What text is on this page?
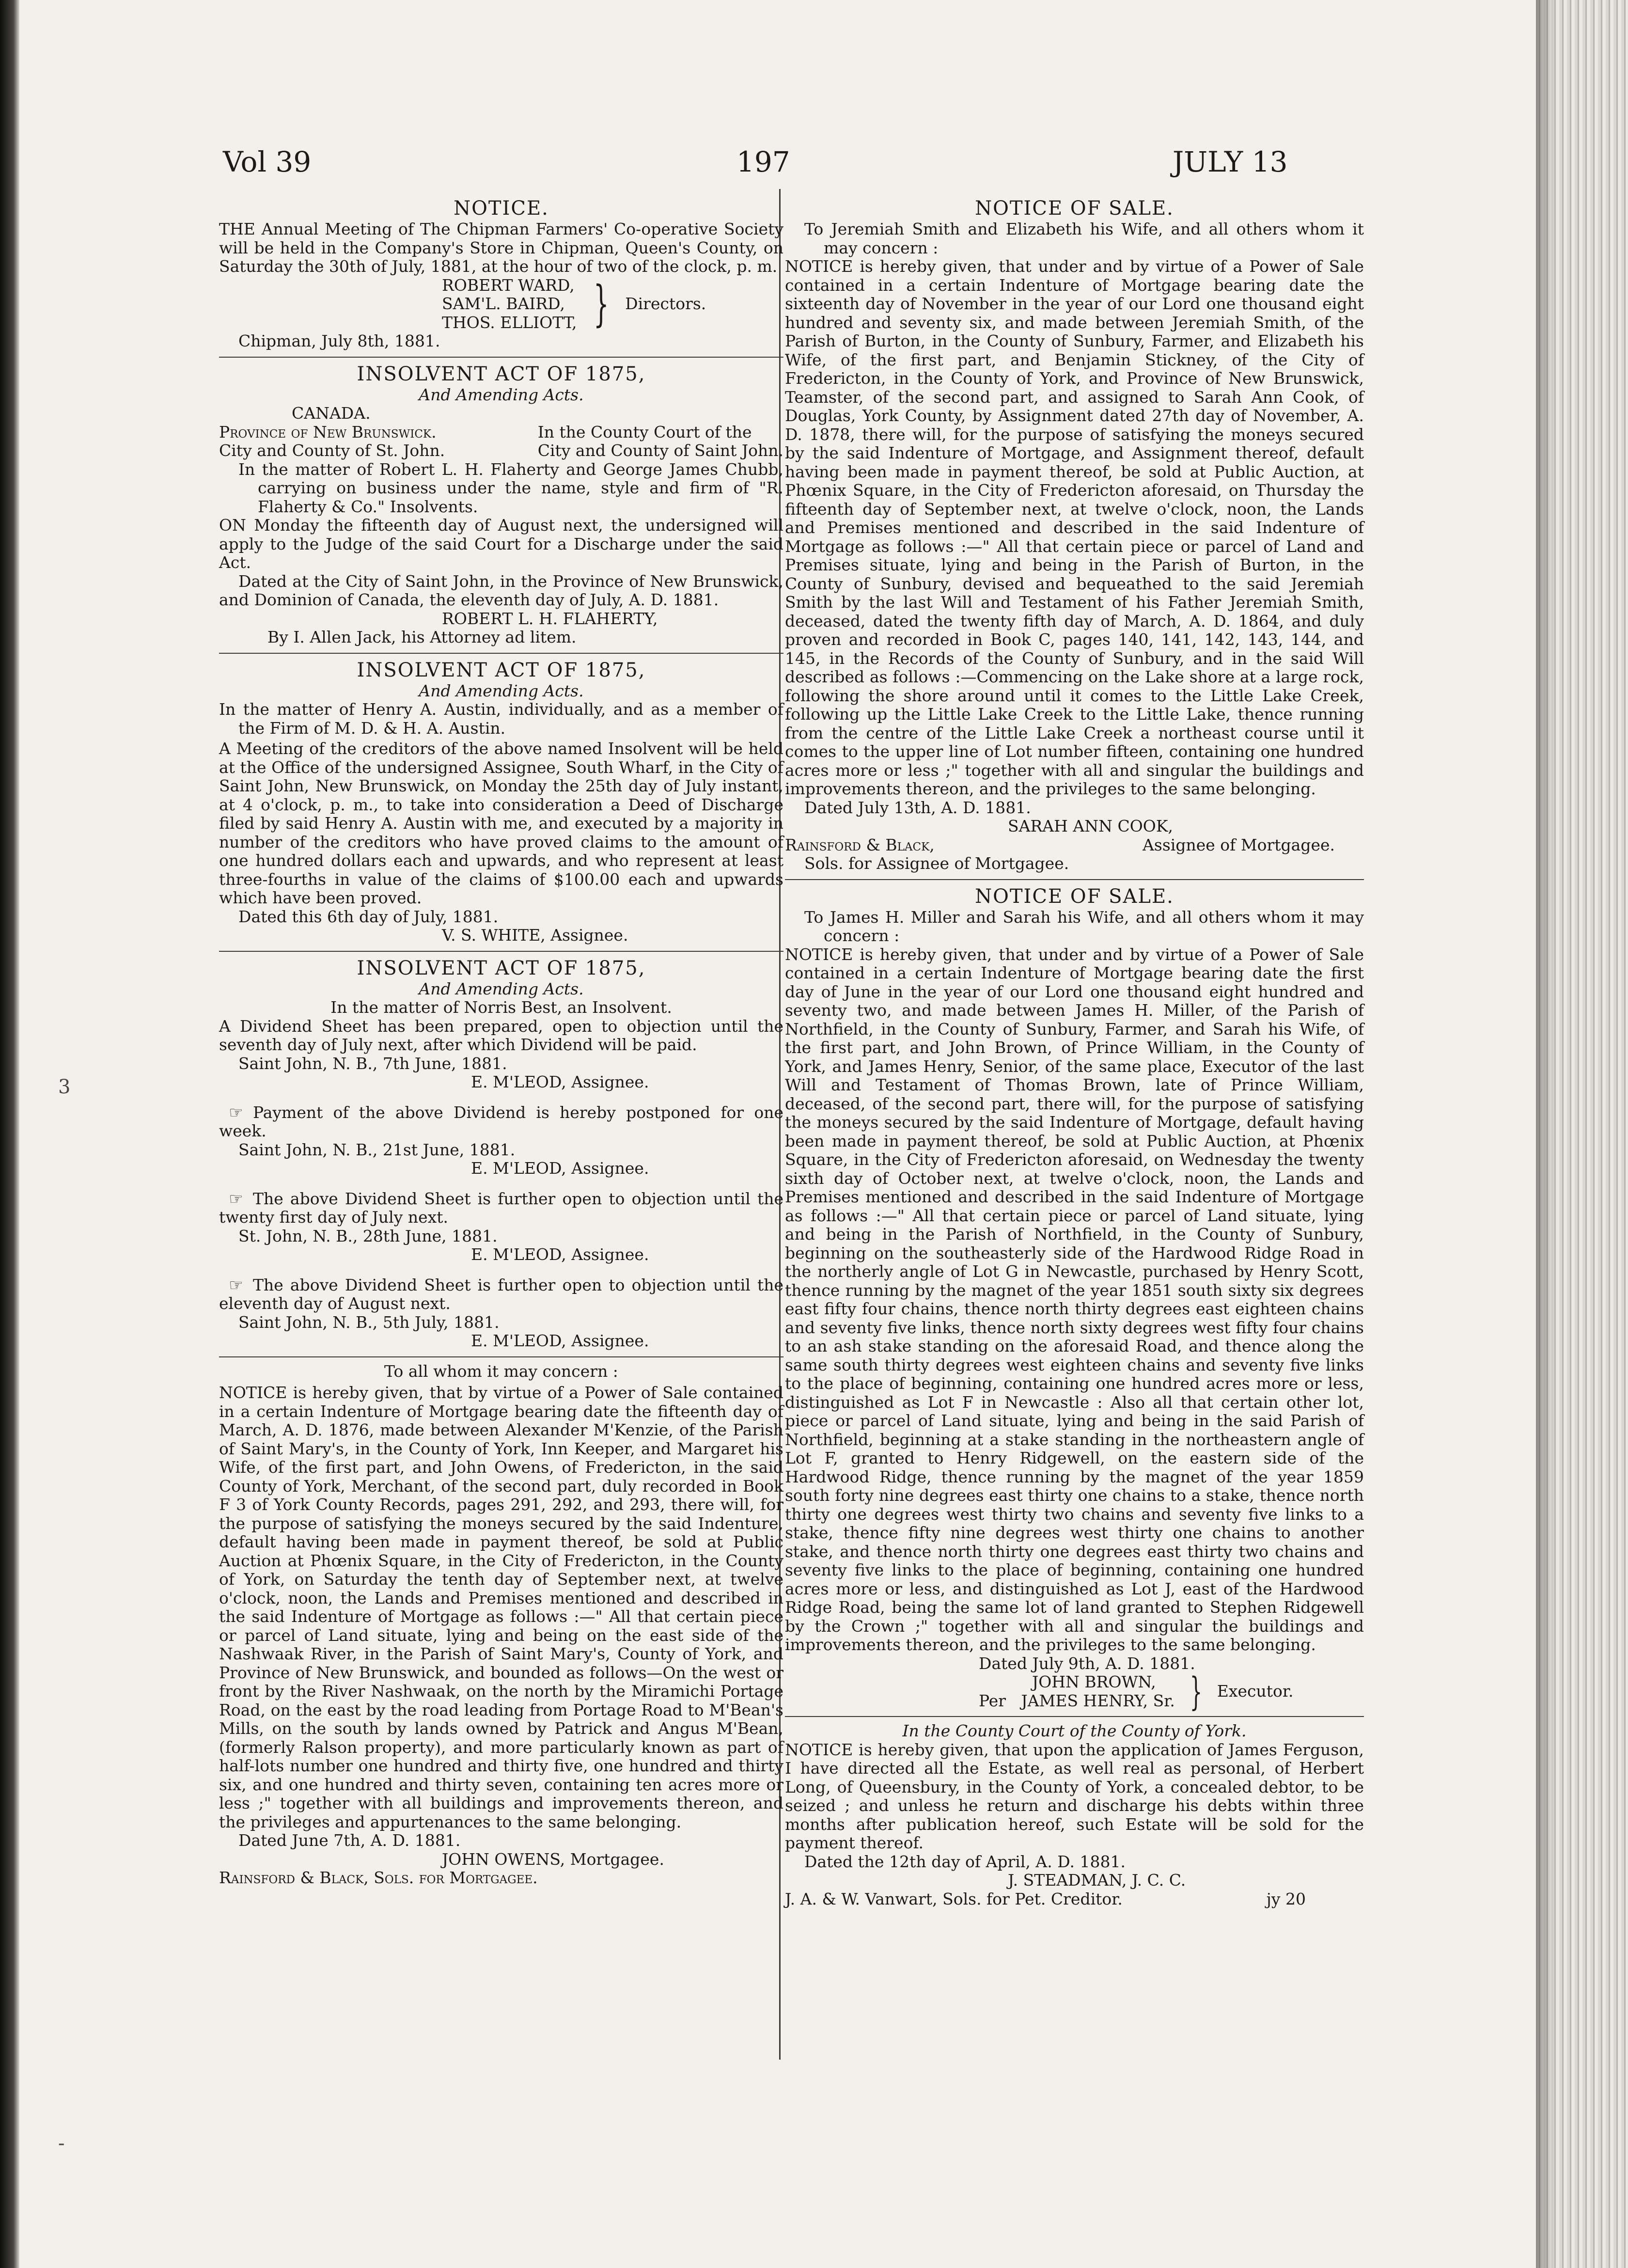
Vol 39	197	JULY 13
3
-
NOTICE.

THE Annual Meeting of The Chipman Farmers' Co-operative Society will be held in the Company's Store in Chipman, Queen's County, on Saturday the 30th of July, 1881, at the hour of two of the clock, p. m.

ROBERT WARD,
SAM'L. BAIRD,
THOS. ELLIOTT, } Directors.

Chipman, July 8th, 1881.

INSOLVENT ACT OF 1875,
And Amending Acts.
CANADA.
Province of New Brunswick.
City and County of St. John.
In the County Court of the
City and County of Saint John.

In the matter of Robert L. H. Flaherty and George James Chubb, carrying on business under the name, style and firm of "R. Flaherty & Co." Insolvents.

ON Monday the fifteenth day of August next, the undersigned will apply to the Judge of the said Court for a Discharge under the said Act.

Dated at the City of Saint John, in the Province of New Brunswick, and Dominion of Canada, the eleventh day of July, A. D. 1881.

ROBERT L. H. FLAHERTY,
By I. Allen Jack, his Attorney ad litem.
INSOLVENT ACT OF 1875,
And Amending Acts.

In the matter of Henry A. Austin, individually, and as a member of the Firm of M. D. & H. A. Austin.

A Meeting of the creditors of the above named Insolvent will be held at the Office of the undersigned Assignee, South Wharf, in the City of Saint John, New Brunswick, on Monday the 25th day of July instant, at 4 o'clock, p. m., to take into consideration a Deed of Discharge filed by said Henry A. Austin with me, and executed by a majority in number of the creditors who have proved claims to the amount of one hundred dollars each and upwards, and who represent at least three-fourths in value of the claims of $100.00 each and upwards which have been proved.

Dated this 6th day of July, 1881.

V. S. WHITE, Assignee.
INSOLVENT ACT OF 1875,
And Amending Acts.
In the matter of Norris Best, an Insolvent.

A Dividend Sheet has been prepared, open to objection until the seventh day of July next, after which Dividend will be paid.

Saint John, N. B., 7th June, 1881.

E. M'LEOD, Assignee.

☞ Payment of the above Dividend is hereby postponed for one week.

Saint John, N. B., 21st June, 1881.

E. M'LEOD, Assignee.

☞ The above Dividend Sheet is further open to objection until the twenty first day of July next.

St. John, N. B., 28th June, 1881.

E. M'LEOD, Assignee.

☞ The above Dividend Sheet is further open to objection until the eleventh day of August next.

Saint John, N. B., 5th July, 1881.

E. M'LEOD, Assignee.
To all whom it may concern :

NOTICE is hereby given, that by virtue of a Power of Sale contained in a certain Indenture of Mortgage bearing date the fifteenth day of March, A. D. 1876, made between Alexander M'Kenzie, of the Parish of Saint Mary's, in the County of York, Inn Keeper, and Margaret his Wife, of the first part, and John Owens, of Fredericton, in the said County of York, Merchant, of the second part, duly recorded in Book F 3 of York County Records, pages 291, 292, and 293, there will, for the purpose of satisfying the moneys secured by the said Indenture, default having been made in payment thereof, be sold at Public Auction at Phœnix Square, in the City of Fredericton, in the County of York, on Saturday the tenth day of September next, at twelve o'clock, noon, the Lands and Premises mentioned and described in the said Indenture of Mortgage as follows :—" All that certain piece or parcel of Land situate, lying and being on the east side of the Nashwaak River, in the Parish of Saint Mary's, County of York, and Province of New Brunswick, and bounded as follows—On the west or front by the River Nashwaak, on the north by the Miramichi Portage Road, on the east by the road leading from Portage Road to M'Bean's Mills, on the south by lands owned by Patrick and Angus M'Bean, (formerly Ralson property), and more particularly known as part of half-lots number one hundred and thirty five, one hundred and thirty six, and one hundred and thirty seven, containing ten acres more or less ;" together with all buildings and improvements thereon, and the privileges and appurtenances to the same belonging.

Dated June 7th, A. D. 1881.

JOHN OWENS, Mortgagee.
Rainsford & Black, Sols. for Mortgagee.
NOTICE OF SALE.

To Jeremiah Smith and Elizabeth his Wife, and all others whom it may concern :

NOTICE is hereby given, that under and by virtue of a Power of Sale contained in a certain Indenture of Mortgage bearing date the sixteenth day of November in the year of our Lord one thousand eight hundred and seventy six, and made between Jeremiah Smith, of the Parish of Burton, in the County of Sunbury, Farmer, and Elizabeth his Wife, of the first part, and Benjamin Stickney, of the City of Fredericton, in the County of York, and Province of New Brunswick, Teamster, of the second part, and assigned to Sarah Ann Cook, of Douglas, York County, by Assignment dated 27th day of November, A. D. 1878, there will, for the purpose of satisfying the moneys secured by the said Indenture of Mortgage, and Assignment thereof, default having been made in payment thereof, be sold at Public Auction, at Phœnix Square, in the City of Fredericton aforesaid, on Thursday the fifteenth day of September next, at twelve o'clock, noon, the Lands and Premises mentioned and described in the said Indenture of Mortgage as follows :—" All that certain piece or parcel of Land and Premises situate, lying and being in the Parish of Burton, in the County of Sunbury, devised and bequeathed to the said Jeremiah Smith by the last Will and Testament of his Father Jeremiah Smith, deceased, dated the twenty fifth day of March, A. D. 1864, and duly proven and recorded in Book C, pages 140, 141, 142, 143, 144, and 145, in the Records of the County of Sunbury, and in the said Will described as follows :—Commencing on the Lake shore at a large rock, following the shore around until it comes to the Little Lake Creek, following up the Little Lake Creek to the Little Lake, thence running from the centre of the Little Lake Creek a northeast course until it comes to the upper line of Lot number fifteen, containing one hundred acres more or less ;" together with all and singular the buildings and improvements thereon, and the privileges to the same belonging.

Dated July 13th, A. D. 1881.

SARAH ANN COOK,
Rainsford & Black,	Assignee of Mortgagee.
Sols. for Assignee of Mortgagee.
NOTICE OF SALE.

To James H. Miller and Sarah his Wife, and all others whom it may concern :

NOTICE is hereby given, that under and by virtue of a Power of Sale contained in a certain Indenture of Mortgage bearing date the first day of June in the year of our Lord one thousand eight hundred and seventy two, and made between James H. Miller, of the Parish of Northfield, in the County of Sunbury, Farmer, and Sarah his Wife, of the first part, and John Brown, of Prince William, in the County of York, and James Henry, Senior, of the same place, Executor of the last Will and Testament of Thomas Brown, late of Prince William, deceased, of the second part, there will, for the purpose of satisfying the moneys secured by the said Indenture of Mortgage, default having been made in payment thereof, be sold at Public Auction, at Phœnix Square, in the City of Fredericton aforesaid, on Wednesday the twenty sixth day of October next, at twelve o'clock, noon, the Lands and Premises mentioned and described in the said Indenture of Mortgage as follows :—" All that certain piece or parcel of Land situate, lying and being in the Parish of Northfield, in the County of Sunbury, beginning on the southeasterly side of the Hardwood Ridge Road in the northerly angle of Lot G in Newcastle, purchased by Henry Scott, thence running by the magnet of the year 1851 south sixty six degrees east fifty four chains, thence north thirty degrees east eighteen chains and seventy five links, thence north sixty degrees west fifty four chains to an ash stake standing on the aforesaid Road, and thence along the same south thirty degrees west eighteen chains and seventy five links to the place of beginning, containing one hundred acres more or less, distinguished as Lot F in Newcastle : Also all that certain other lot, piece or parcel of Land situate, lying and being in the said Parish of Northfield, beginning at a stake standing in the northeastern angle of Lot F, granted to Henry Ridgewell, on the eastern side of the Hardwood Ridge, thence running by the magnet of the year 1859 south forty nine degrees east thirty one chains to a stake, thence north thirty one degrees west thirty two chains and seventy five links to a stake, thence fifty nine degrees west thirty one chains to another stake, and thence north thirty one degrees east thirty two chains and seventy five links to the place of beginning, containing one hundred acres more or less, and distinguished as Lot J, east of the Hardwood Ridge Road, being the same lot of land granted to Stephen Ridgewell by the Crown ;" together with all and singular the buildings and improvements thereon, and the privileges to the same belonging.

Dated July 9th, A. D. 1881.

JOHN BROWN,
Per JAMES HENRY, Sr. } Executor.
In the County Court of the County of York.

NOTICE is hereby given, that upon the application of James Ferguson, I have directed all the Estate, as well real as personal, of Herbert Long, of Queensbury, in the County of York, a concealed debtor, to be seized ; and unless he return and discharge his debts within three months after publication hereof, such Estate will be sold for the payment thereof.

Dated the 12th day of April, A. D. 1881.

J. STEADMAN, J. C. C.
J. A. & W. Vanwart, Sols. for Pet. Creditor.	jy 20
